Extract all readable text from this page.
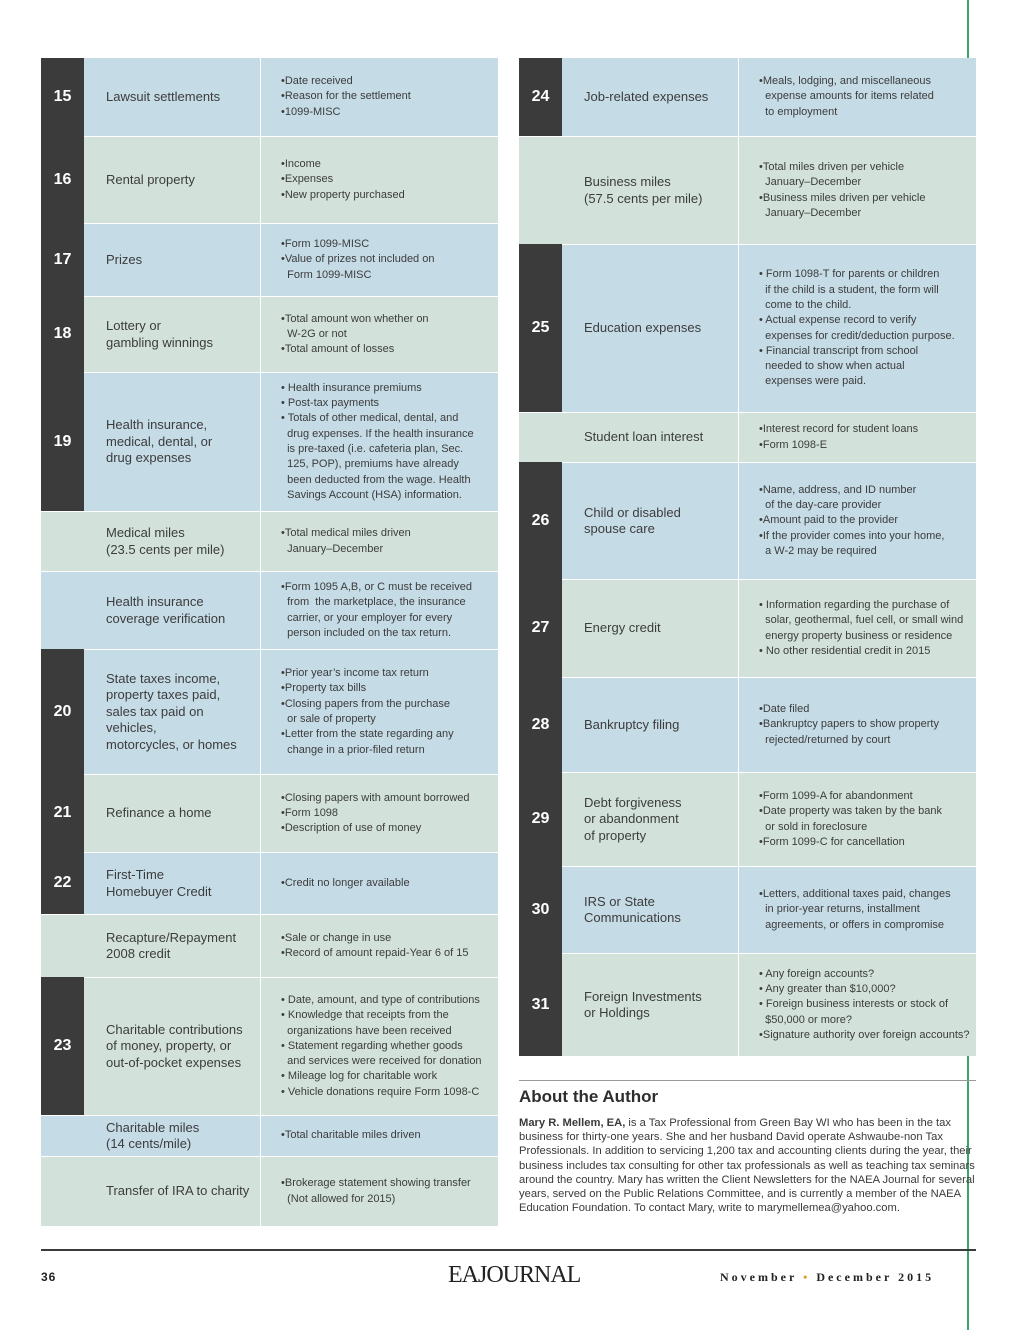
Lawsuit settlements
•Date received
•Reason for the settlement
•1099-MISC
Rental property
•Income
•Expenses
•New property purchased
Prizes
•Form 1099-MISC
•Value of prizes not included on
Form 1099-MISC
Lottery or
gambling winnings
•Total amount won whether on
W-2G or not
•Total amount of losses
Health insurance,
medical, dental, or
drug expenses
• Health insurance premiums
• Post-tax payments
• Totals of other medical, dental, and
drug expenses. If the health insurance
is pre-taxed (i.e. cafeteria plan, Sec.
125, POP), premiums have already
been deducted from the wage. Health
Savings Account (HSA) information.
Medical miles
(23.5 cents per mile)
•Total medical miles driven
January–December
Health insurance
coverage verification
•Form 1095 A,B, or C must be received
from  the marketplace, the insurance
carrier, or your employer for every
person included on the tax return.
State taxes income,
property taxes paid,
sales tax paid on vehicles,
motorcycles, or homes
•Prior year’s income tax return
•Property tax bills
•Closing papers from the purchase
or sale of property
•Letter from the state regarding any
change in a prior-filed return
Refinance a home
•Closing papers with amount borrowed
•Form 1098
•Description of use of money
First-Time
Homebuyer Credit
•Credit no longer available
Recapture/Repayment
2008 credit
•Sale or change in use
•Record of amount repaid-Year 6 of 15
Charitable contributions
of money, property, or
out-of-pocket expenses
• Date, amount, and type of contributions
• Knowledge that receipts from the
organizations have been received
• Statement regarding whether goods
and services were received for donation
• Mileage log for charitable work
• Vehicle donations require Form 1098-C
Charitable miles
(14 cents/mile)
•Total charitable miles driven
Transfer of IRA to charity
•Brokerage statement showing transfer
(Not allowed for 2015)
15
16
17
18
19
20
21
22
23
Job-related expenses
•Meals, lodging, and miscellaneous
expense amounts for items related
to employment
Business miles
(57.5 cents per mile)
•Total miles driven per vehicle
January–December
•Business miles driven per vehicle
January–December
Education expenses
• Form 1098-T for parents or children
if the child is a student, the form will
come to the child.
• Actual expense record to verify
expenses for credit/deduction purpose.
• Financial transcript from school
needed to show when actual
expenses were paid.
Student loan interest
•Interest record for student loans
•Form 1098-E
Child or disabled
spouse care
•Name, address, and ID number
of the day-care provider
•Amount paid to the provider
•If the provider comes into your home,
a W-2 may be required
Energy credit
• Information regarding the purchase of
solar, geothermal, fuel cell, or small wind
energy property business or residence
• No other residential credit in 2015
Bankruptcy filing
•Date filed
•Bankruptcy papers to show property
rejected/returned by court
Debt forgiveness
or abandonment
of property
•Form 1099-A for abandonment
•Date property was taken by the bank
or sold in foreclosure
•Form 1099-C for cancellation
IRS or State
Communications
•Letters, additional taxes paid, changes
in prior-year returns, installment
agreements, or offers in compromise
Foreign Investments
or Holdings
• Any foreign accounts?
• Any greater than $10,000?
• Foreign business interests or stock of
$50,000 or more?
•Signature authority over foreign accounts?
24
25
26
27
28
29
30
31
About the Author

Mary R. Mellem, EA, is a Tax Professional from Green Bay WI who has been in the tax business for thirty-one years. She and her husband David operate Ashwaube-non Tax Professionals. In addition to servicing 1,200 tax and accounting clients during the year, their business includes tax consulting for other tax professionals as well as teaching tax seminars around the country. Mary has written the Client Newsletters for the NAEA Journal for several years, served on the Public Relations Committee, and is currently a member of the NAEA Education Foundation. To contact Mary, write to marymellemea@yahoo.com.

36	EAJOURNAL	November • December 2015
